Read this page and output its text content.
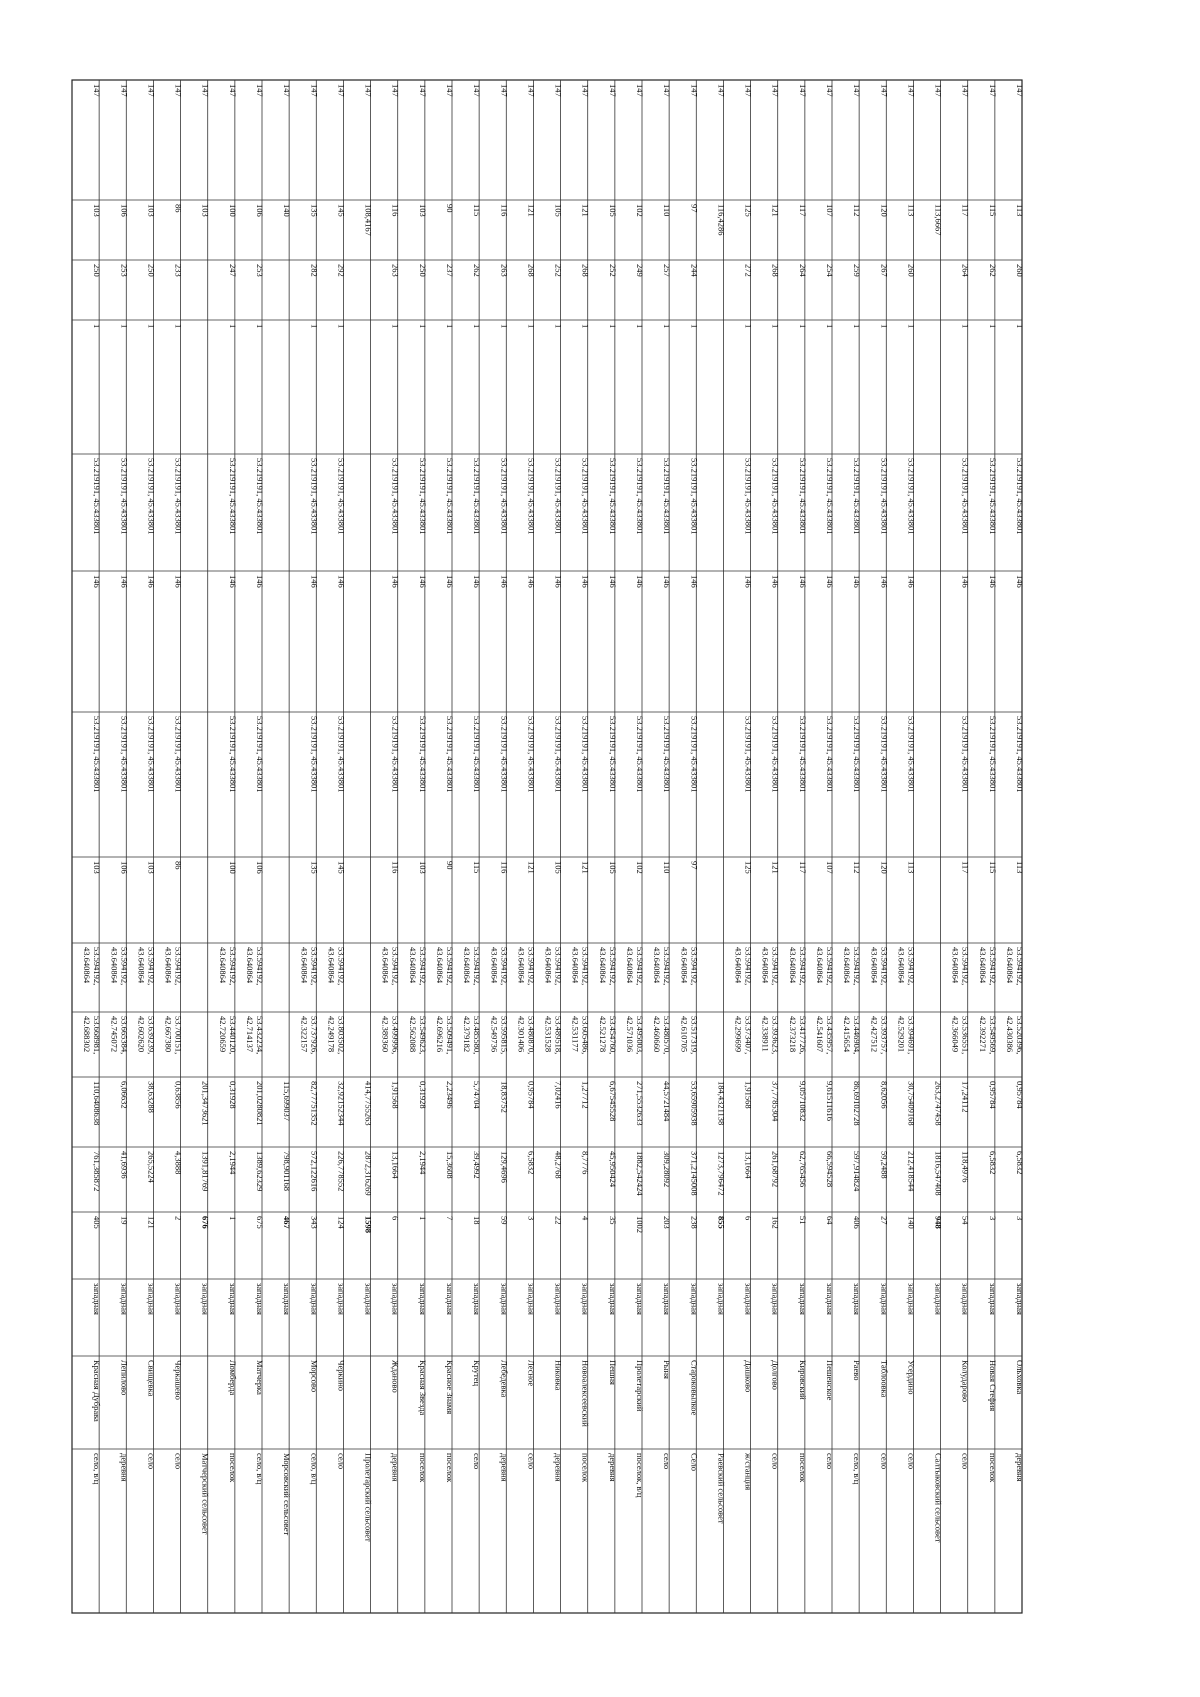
147
103
250
1
53.219191, 45.433801
146
53.219191, 45.433801
103
53.594192,
43.640864
53.668981,
42.688302
110,6408638
761,385872
405
западная
Красная Дубрава
село, в/ц
147
106
253
1
53.219191, 45.433801
146
53.219191, 45.433801
106
53.594192,
43.640864
53.665384,
42.745072
6,06632
41,6936
19
западная
Лепилово
деревня
147
103
250
1
53.219191, 45.433801
146
53.219191, 45.433801
103
53.594192,
43.640864
53.639239,
42.602620
38,63288
265,5224
121
западная
Свищевка
село
147
86
233
1
53.219191, 45.433801
146
53.219191, 45.433801
86
53.594192,
43.640864
53.700151,
42.667380
0,63856
4,3888
2
западная
Черкашево
село
147
103
201,3473621
1391,81769
676
западная
Матчерский сельсовет
147
100
247
1
53.219191, 45.433801
146
53.219191, 45.433801
100
53.594192,
43.640864
53.440120,
42.720659
0,31928
2,1944
1
западная
Ломберда
поселок
147
106
253
1
53.219191, 45.433801
146
53.219191, 45.433801
106
53.594192,
43.640864
53.432234,
42.714137
201,0280821
1389,62329
675
западная
Матчерка
село, в/ц
147
140
115,699037
798,901168
467
западная
Морсовский сельсовет
147
135
282
1
53.219191, 45.433801
146
53.219191, 45.433801
135
53.594192,
43.640864
53.737926,
42.322157
82,77751352
572,122616
343
западная
Морсово
село, в/ц
147
145
292
1
53.219191, 45.433801
146
53.219191, 45.433801
145
53.594192,
43.640864
53.803502,
42.249178
32,92152344
226,778552
124
западная
Черкино
село
147
108,4167
414,7755263
2872,316269
1598
западная
Пролетарский сельсовет
147
116
263
1
53.219191, 45.433801
146
53.219191, 45.433801
116
53.594192,
43.640864
53.499996,
42.389360
1,91568
13,1664
6
западная
Жданово
деревня
147
103
250
1
53.219191, 45.433801
146
53.219191, 45.433801
103
53.594192,
43.640864
53.549623,
42.562088
0,31928
2,1944
1
западная
Красная Звезда
поселок
147
90
237
1
53.219191, 45.433801
146
53.219191, 45.433801
90
53.594192,
43.640864
53.509491,
42.696216
2,23496
15,3608
7
западная
Красное Знамя
поселок
147
115
262
1
53.219191, 45.433801
146
53.219191, 45.433801
115
53.594192,
43.640864
53.485580,
42.379182
5,74704
39,4992
18
западная
Крутец
село
147
116
263
1
53.219191, 45.433801
146
53.219191, 45.433801
116
53.594192,
43.640864
53.595815,
42.549736
18,83752
129,4696
59
западная
Лебедевка
деревня
147
121
268
1
53.219191, 45.433801
146
53.219191, 45.433801
121
53.594192,
43.640864
53.480870,
42.301406
0,95784
6,5832
3
западная
Лесное
село
147
105
252
1
53.219191, 45.433801
146
53.219191, 45.433801
105
53.594192,
43.640864
53.489518,
42.531528
7,02416
48,2768
22
западная
Никовка
деревня
147
121
268
1
53.219191, 45.433801
146
53.219191, 45.433801
121
53.594192,
43.640864
53.605486,
42.531177
1,27712
8,7776
4
западная
Новоалексеевский
поселок
147
105
252
1
53.219191, 45.433801
146
53.219191, 45.433801
105
53.594192,
43.640864
53.454760,
42.521278
6,67545528
45,950424
35
западная
Пешня
деревня
147
102
249
1
53.219191, 45.433801
146
53.219191, 45.433801
102
53.594192,
43.640864
53.495003,
42.571036
271,5532633
1882,542424
1002
западная
Пролетарский
поселок, в/ц
147
110
257
1
53.219191, 45.433801
146
53.219191, 45.433801
110
53.594192,
43.640864
53.480570,
42.460660
44,5721484
309,28092
203
западная
Рыня
село
147
97
244
1
53.219191, 45.433801
146
53.219191, 45.433801
97
53.594192,
43.640864
53.517319,
42.610705
53,65905938
371,2145008
238
западная
Староковылкое
Село
147
116,4286
184,4321138
1273,796472
855
западная
Раевский сельсовет
147
125
272
1
53.219191, 45.433801
146
53.219191, 45.433801
125
53.594192,
43.640864
53.373407,
42.299699
1,91568
13,1664
6
западная
Дашково
ж/станция
147
121
268
1
53.219191, 45.433801
146
53.219191, 45.433801
121
53.594192,
43.640864
53.393623,
42.338911
37,7785304
261,68792
162
западная
Долгово
село
147
117
264
1
53.219191, 45.433801
146
53.219191, 45.433801
117
53.594192,
43.640864
53.417726,
42.373218
9,05710832
62,765456
51
западная
Кировский
поселок
147
107
254
1
53.219191, 45.433801
146
53.219191, 45.433801
107
53.594192,
43.640864
53.435957,
42.541607
9,61511616
66,594528
64
западная
Пешенское
село
147
112
259
1
53.219191, 45.433801
146
53.219191, 45.433801
112
53.594192,
43.640864
53.446904,
42.415654
86,69102728
597,914824
406
западная
Раево
село, в/ц
147
120
267
1
53.219191, 45.433801
146
53.219191, 45.433801
120
53.594192,
43.640864
53.393757,
42.427512
8,62056
59,2488
27
западная
Таблоовка
село
147
113
260
1
53.219191, 45.433801
146
53.219191, 45.433801
113
53.594192,
43.640864
53.394691,
42.529201
30,75409168
212,418544
140
западная
Усердино
село
147
113,6667
263,2747458
1816,547408
948
западная
Салтыковский сельсовет
147
117
264
1
53.219191, 45.433801
146
53.219191, 45.433801
117
53.594192,
43.640864
53.536551,
42.366049
17,24112
118,4976
54
западная
Колударово
село
147
115
262
1
53.219191, 45.433801
146
53.219191, 45.433801
115
53.594192,
43.640864
53.549569,
42.392271
0,95784
6,5832
3
западная
Новая Стефия
поселок
147
113
260
1
53.219191, 45.433801
146
53.219191, 45.433801
113
53.594192,
43.640864
53.520396,
42.430386
0,95784
6,5832
3
западная
Ольховка
деревня
